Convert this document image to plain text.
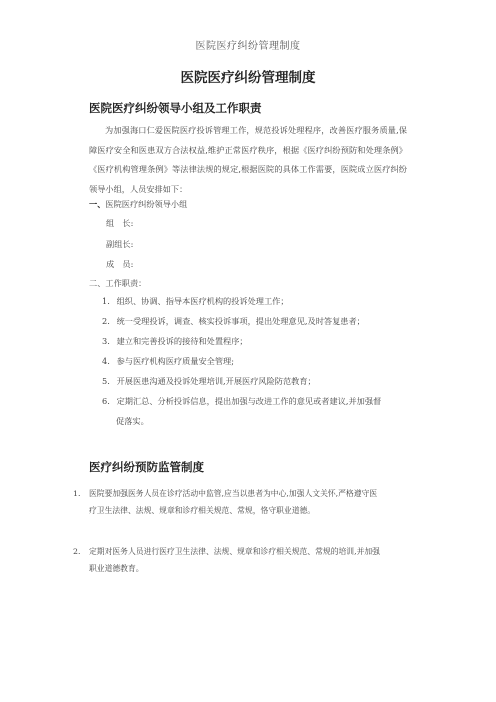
医院医疗纠纷管理制度
医院医疗纠纷管理制度
医院医疗纠纷领导小组及工作职责
为加强海口仁爱医院医疗投诉管理工作，规范投诉处理程序，改善医疗服务质量,保障医疗安全和医患双方合法权益,维护正常医疗秩序，根据《医疗纠纷预防和处理条例》《医疗机构管理条例》等法律法规的规定,根据医院的具体工作需要，医院成立医疗纠纷领导小组，人员安排如下：
一、医院医疗纠纷领导小组
组　长:
副组长:
成　员:
二、工作职责：
1. 组织、协调、指导本医疗机构的投诉处理工作；
2. 统一受理投诉，调查、核实投诉事项，提出处理意见,及时答复患者；
3. 建立和完善投诉的接待和处置程序；
4. 参与医疗机构医疗质量安全管理;
5. 开展医患沟通及投诉处理培训,开展医疗风险防范教育；
6. 定期汇总、分析投诉信息，提出加强与改进工作的意见或者建议,并加强督
促落实。
医疗纠纷预防监管制度
1. 医院要加强医务人员在诊疗活动中监管,应当以患者为中心,加强人文关怀,严格遵守医
疗卫生法律、法规、规章和诊疗相关规范、常规，恪守职业道德。
2. 定期对医务人员进行医疗卫生法律、法规、规章和诊疗相关规范、常规的培训,并加强
职业道德教育。
